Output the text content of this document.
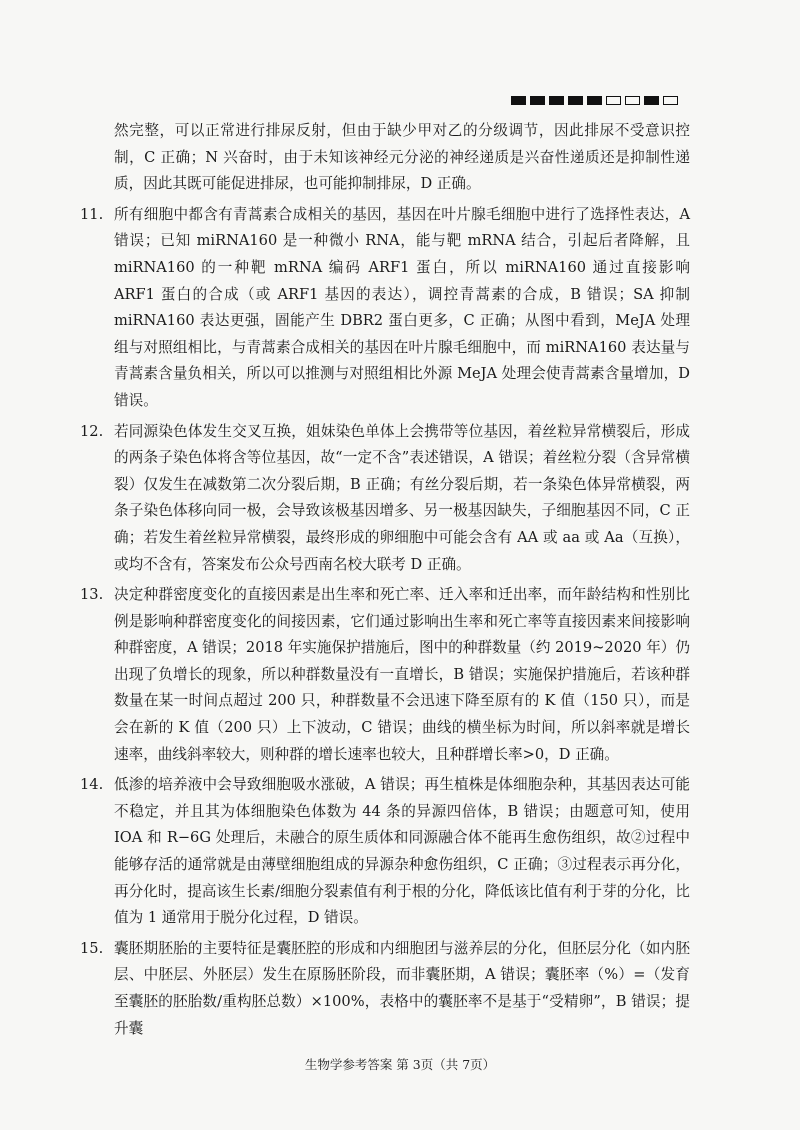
然完整，可以正常进行排尿反射，但由于缺少甲对乙的分级调节，因此排尿不受意识控制，C 正确；N 兴奋时，由于未知该神经元分泌的神经递质是兴奋性递质还是抑制性递质，因此其既可能促进排尿，也可能抑制排尿，D 正确。

11. 所有细胞中都含有青蒿素合成相关的基因，基因在叶片腺毛细胞中进行了选择性表达，A 错误；已知 miRNA160 是一种微小 RNA，能与靶 mRNA 结合，引起后者降解，且 miRNA160 的一种靶 mRNA 编码 ARF1 蛋白，所以 miRNA160 通过直接影响 ARF1 蛋白的合成（或 ARF1 基因的表达），调控青蒿素的合成，B 错误；SA 抑制 miRNA160 表达更强，圄能产生 DBR2 蛋白更多，C 正确；从图中看到，MeJA 处理组与对照组相比，与青蒿素合成相关的基因在叶片腺毛细胞中，而 miRNA160 表达量与青蒿素含量负相关，所以可以推测与对照组相比外源 MeJA 处理会使青蒿素含量增加，D 错误。
12. 若同源染色体发生交叉互换，姐妹染色单体上会携带等位基因，着丝粒异常横裂后，形成的两条子染色体将含等位基因，故“一定不含”表述错误，A 错误；着丝粒分裂（含异常横裂）仅发生在减数第二次分裂后期，B 正确；有丝分裂后期，若一条染色体异常横裂，两条子染色体移向同一极，会导致该极基因增多、另一极基因缺失，子细胞基因不同，C 正确；若发生着丝粒异常横裂，最终形成的卵细胞中可能会含有 AA 或 aa 或 Aa（互换），或均不含有，答案发布公众号西南名校大联考 D 正确。
13. 决定种群密度变化的直接因素是出生率和死亡率、迁入率和迁出率，而年龄结构和性别比例是影响种群密度变化的间接因素，它们通过影响出生率和死亡率等直接因素来间接影响种群密度，A 错误；2018 年实施保护措施后，图中的种群数量（约 2019~2020 年）仍出现了负增长的现象，所以种群数量没有一直增长，B 错误；实施保护措施后，若该种群数量在某一时间点超过 200 只，种群数量不会迅速下降至原有的 K 值（150 只），而是会在新的 K 值（200 只）上下波动，C 错误；曲线的横坐标为时间，所以斜率就是增长速率，曲线斜率较大，则种群的增长速率也较大，且种群增长率>0，D 正确。
14. 低渗的培养液中会导致细胞吸水涨破，A 错误；再生植株是体细胞杂种，其基因表达可能不稳定，并且其为体细胞染色体数为 44 条的异源四倍体，B 错误；由题意可知，使用 IOA 和 R−6G 处理后，未融合的原生质体和同源融合体不能再生愈伤组织，故②过程中能够存活的通常就是由薄壁细胞组成的异源杂种愈伤组织，C 正确；③过程表示再分化，再分化时，提高该生长素/细胞分裂素值有利于根的分化，降低该比值有利于芽的分化，比值为 1 通常用于脱分化过程，D 错误。
15. 囊胚期胚胎的主要特征是囊胚腔的形成和内细胞团与滋养层的分化，但胚层分化（如内胚层、中胚层、外胚层）发生在原肠胚阶段，而非囊胚期，A 错误；囊胚率（%）=（发育至囊胚的胚胎数/重构胚总数）×100%，表格中的囊胚率不是基于“受精卵”，B 错误；提升囊
生物学参考答案 第 3页（共 7页）
